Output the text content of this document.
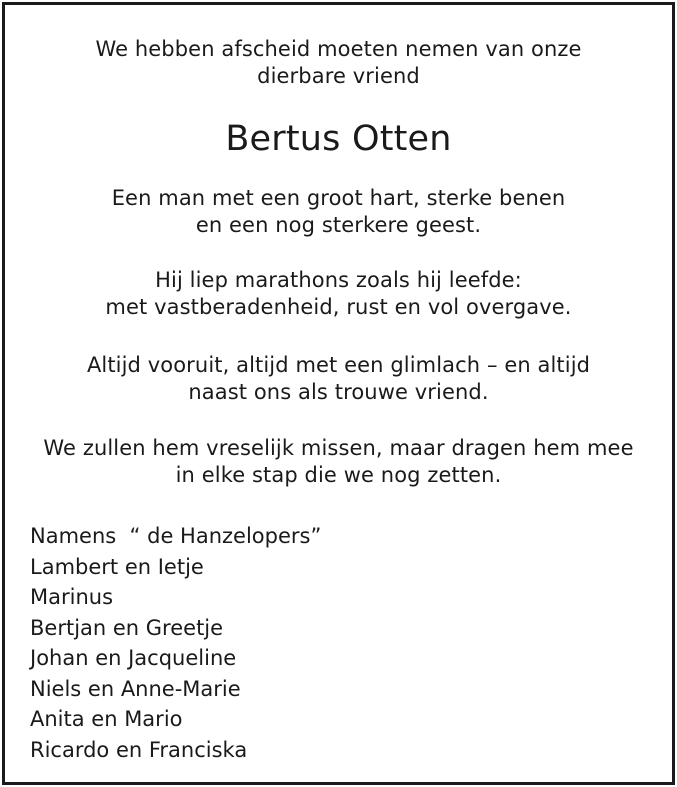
We hebben afscheid moeten nemen van onze
dierbare vriend
Bertus Otten
Een man met een groot hart, sterke benen
en een nog sterkere geest.
Hij liep marathons zoals hij leefde:
met vastberadenheid, rust en vol overgave.
Altijd vooruit, altijd met een glimlach – en altijd
naast ons als trouwe vriend.
We zullen hem vreselijk missen, maar dragen hem mee
in elke stap die we nog zetten.
Namens  “ de Hanzelopers”
Lambert en Ietje
Marinus
Bertjan en Greetje
Johan en Jacqueline
Niels en Anne-Marie
Anita en Mario
Ricardo en Franciska
